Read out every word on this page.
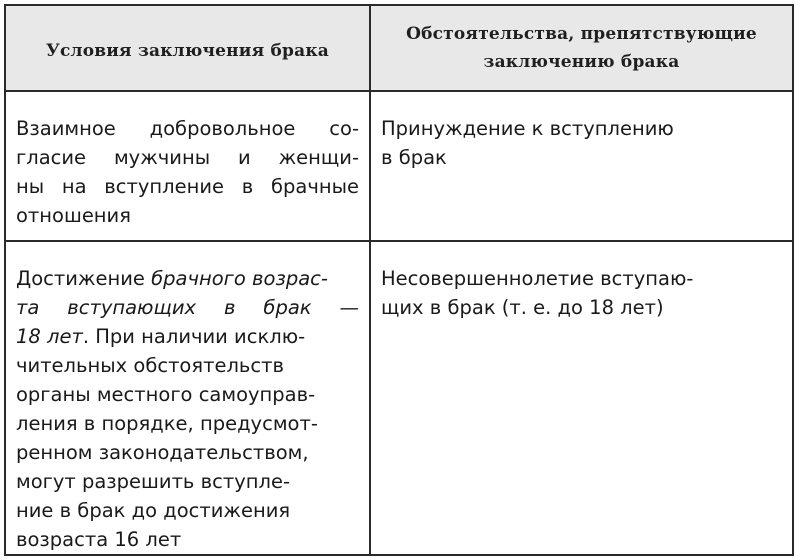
Условия заключения брака
Обстоятельства, препятствующие
заключению брака
Взаимное добровольное со-
гласие мужчины и женщи-
ны на вступление в брачные
отношения
Принуждение к вступлению
в брак
Достижение брачного возрас-
та вступающих в брак —
18 лет. При наличии исклю-
чительных обстоятельств
органы местного самоуправ-
ления в порядке, предусмот-
ренном законодательством,
могут разрешить вступле-
ние в брак до достижения
возраста 16 лет
Несовершеннолетие вступаю-
щих в брак (т. е. до 18 лет)
